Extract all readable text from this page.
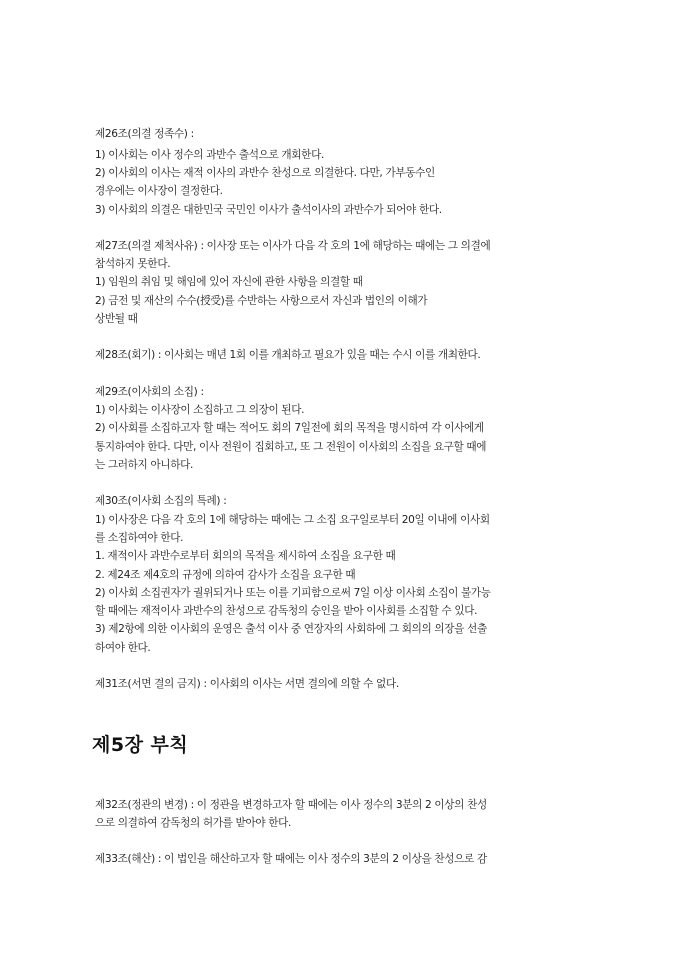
제26조(의결 정족수) :
1) 이사회는 이사 정수의 과반수 출석으로 개회한다.
2) 이사회의 이사는 재적 이사의 과반수 찬성으로 의결한다. 다만, 가부동수인
경우에는 이사장이 결정한다.
3) 이사회의 의결은 대한민국 국민인 이사가 출석이사의 과반수가 되어야 한다.
제27조(의결 제척사유) : 이사장 또는 이사가 다음 각 호의 1에 해당하는 때에는 그 의결에
참석하지 못한다.
1) 임원의 취임 및 해임에 있어 자신에 관한 사항을 의결할 때
2) 금전 및 재산의 수수(授受)를 수반하는 사항으로서 자신과 법인의 이해가
상반될 때
제28조(회기) : 이사회는 매년 1회 이를 개최하고 필요가 있을 때는 수시 이를 개최한다.
제29조(이사회의 소집) :
1) 이사회는 이사장이 소집하고 그 의장이 된다.
2) 이사회를 소집하고자 할 때는 적어도 회의 7일전에 회의 목적을 명시하여 각 이사에게
통지하여야 한다. 다만, 이사 전원이 집회하고, 또 그 전원이 이사회의 소집을 요구할 때에
는 그러하지 아니하다.
제30조(이사회 소집의 특례) :
1) 이사장은 다음 각 호의 1에 해당하는 때에는 그 소집 요구일로부터 20일 이내에 이사회
를 소집하여야 한다.
1. 재적이사 과반수로부터 회의의 목적을 제시하여 소집을 요구한 때
2. 제24조 제4호의 규정에 의하여 감사가 소집을 요구한 때
2) 이사회 소집권자가 궐위되거나 또는 이를 기피함으로써 7일 이상 이사회 소집이 불가능
할 때에는 재적이사 과반수의 찬성으로 감독청의 승인을 받아 이사회를 소집할 수 있다.
3) 제2항에 의한 이사회의 운영은 출석 이사 중 연장자의 사회하에 그 회의의 의장을 선출
하여야 한다.
제31조(서면 결의 금지) : 이사회의 이사는 서면 결의에 의할 수 없다.
제5장 부칙
제32조(정관의 변경) : 이 정관을 변경하고자 할 때에는 이사 정수의 3분의 2 이상의 찬성
으로 의결하여 감독청의 허가를 받아야 한다.
제33조(해산) : 이 법인을 해산하고자 할 때에는 이사 정수의 3분의 2 이상을 찬성으로 감
